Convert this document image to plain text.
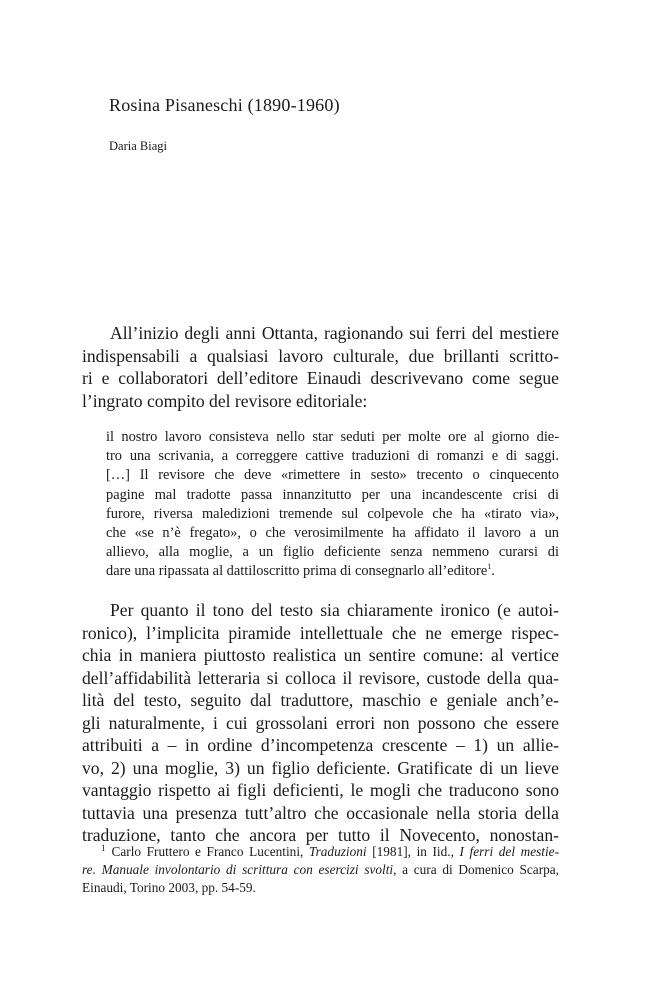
Rosina Pisaneschi (1890-1960)
Daria Biagi

All’inizio degli anni Ottanta, ragionando sui ferri del mestiere
indispensabili a qualsiasi lavoro culturale, due brillanti scritto-
ri e collaboratori dell’editore Einaudi descrivevano come segue
l’ingrato compito del revisore editoriale:

il nostro lavoro consisteva nello star seduti per molte ore al giorno die-
tro una scrivania, a correggere cattive traduzioni di romanzi e di saggi.
[…] Il revisore che deve «rimettere in sesto» trecento o cinquecento
pagine mal tradotte passa innanzitutto per una incandescente crisi di
furore, riversa maledizioni tremende sul colpevole che ha «tirato via»,
che «se n’è fregato», o che verosimilmente ha affidato il lavoro a un
allievo, alla moglie, a un figlio deficiente senza nemmeno curarsi di
dare una ripassata al dattiloscritto prima di consegnarlo all’editore$^1$.

Per quanto il tono del testo sia chiaramente ironico (e autoi-
ronico), l’implicita piramide intellettuale che ne emerge rispec-
chia in maniera piuttosto realistica un sentire comune: al vertice
dell’affidabilità letteraria si colloca il revisore, custode della qua-
lità del testo, seguito dal traduttore, maschio e geniale anch’e-
gli naturalmente, i cui grossolani errori non possono che essere
attribuiti a – in ordine d’incompetenza crescente – 1) un allie-
vo, 2) una moglie, 3) un figlio deficiente. Gratificate di un lieve
vantaggio rispetto ai figli deficienti, le mogli che traducono sono
tuttavia una presenza tutt’altro che occasionale nella storia della
traduzione, tanto che ancora per tutto il Novecento, nonostan-

$^1$ Carlo Fruttero e Franco Lucentini, Traduzioni [1981], in Iid., I ferri del mestie-
re. Manuale involontario di scrittura con esercizi svolti, a cura di Domenico Scarpa,
Einaudi, Torino 2003, pp. 54-59.
